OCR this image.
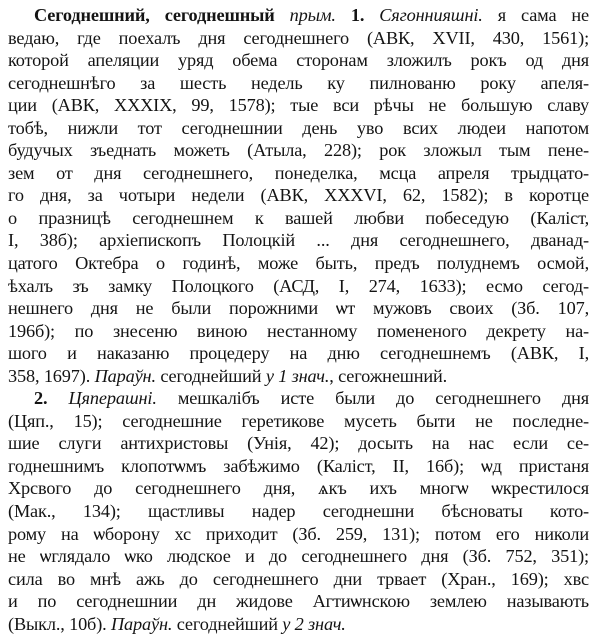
Сегоднешний, сегоднешный прым. 1. Сягоннияшні. я сама не
ведаю, где поехалъ дня сегоднешнего (АВК, XVII, 430, 1561);
которой апеляции уряд обема сторонам зложилъ рокъ од дня
сегоднешнѣго за шесть недель ку пилнованю року апеля-
ции (АВК, XXXIX, 99, 1578); тые вси рѣчы не большую славу
тобѣ, нижли тот сегоднешнии день уво всих людеи напотом
будучых зъеднать можеть (Атыла, 228); рок зложыл тым пене-
зем от дня сегоднешнего, понеделка, мсца апреля трыдцато-
го дня, за чотыри недели (АВК, XXXVI, 62, 1582); в коротце
о празницѣ сегоднешнем к вашей любви побеседую (Каліст,
I, 38б); архіепископъ Полоцкій ... дня сегоднешнего, дванад-
цатого Октебра о годинѣ, може быть, предъ полуднемъ осмой,
ѣхалъ зъ замку Полоцкого (АСД, I, 274, 1633); есмо сегод-
нешнего дня не были порожними ѡт мужовъ своих (Зб. 107,
196б); по знесеню виною нестанному помененого декрету на-
шого и наказаню процедеру на дню сегоднешнемъ (АВК, I,
358, 1697). Параўн. сегоднейший у 1 знач., сегожнешний.
2. Цяперашні. мешкалібъ исте были до сегоднешнего дня
(Цяп., 15); сегоднешние геретикове мусеть быти не последне-
шие слуги антихристовы (Унія, 42); досыть на нас если се-
годнешнимъ клопотѡмъ забѣжимо (Каліст, II, 16б); ѡд пристаня
Хрсвого до сегоднешнего дня, ѧкъ ихъ многѡ ѡкрестилося
(Мак., 134); щастливы надер сегоднешни бѣсноваты кото-
рому на ѡборону хс приходит (Зб. 259, 131); потом его николи
не ѡглядало ѡко людское и до сегоднешнего дня (Зб. 752, 351);
сила во мнѣ ажь до сегоднешнего дни трвает (Хран., 169); хвс
и по сегоднешнии дн жидове Агтиѡнскою землею называють
(Выкл., 10б). Параўн. сегоднейший у 2 знач.
